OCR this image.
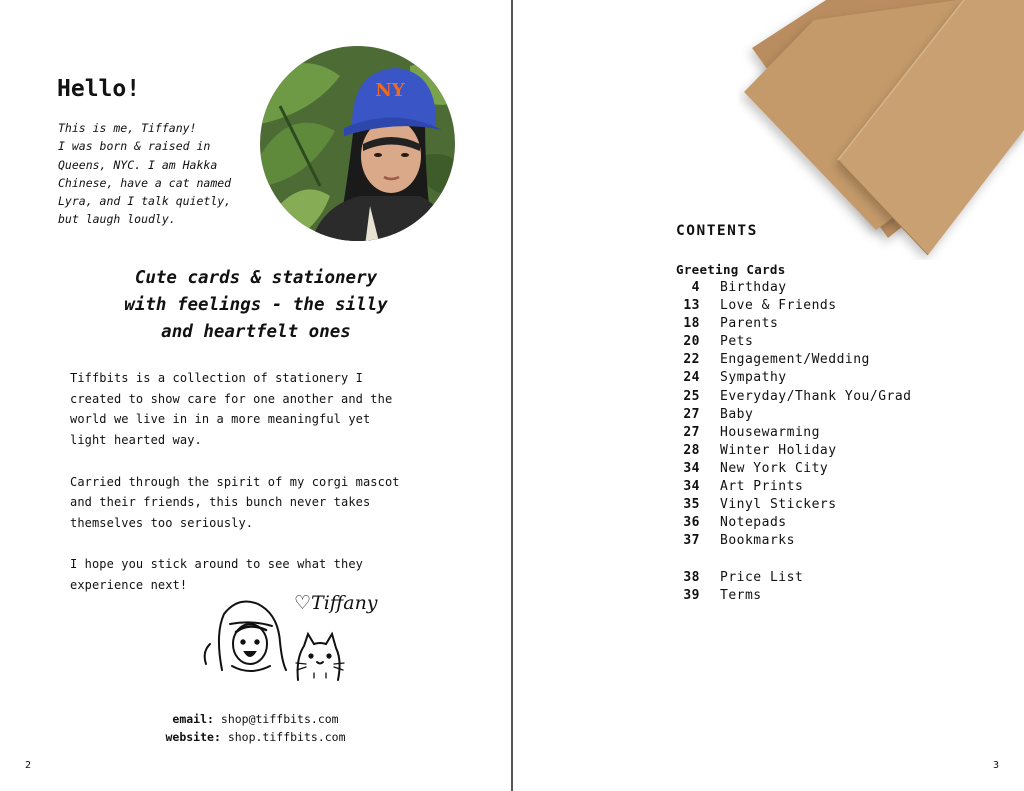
Hello!
This is me, Tiffany!
I was born & raised in
Queens, NYC. I am Hakka
Chinese, have a cat named
Lyra, and I talk quietly,
but laugh loudly.
NY
Cute cards & stationery
with feelings - the silly
and heartfelt ones

Tiffbits is a collection of stationery I
created to show care for one another and the
world we live in in a more meaningful yet
light hearted way.

Carried through the spirit of my corgi mascot
and their friends, this bunch never takes
themselves too seriously.

I hope you stick around to see what they
experience next!

♡Tiffany
email: shop@tiffbits.com
website: shop.tiffbits.com
2
CONTENTS
Greeting Cards
4 Birthday
13 Love & Friends
18 Parents
20 Pets
22 Engagement/Wedding
24 Sympathy
25 Everyday/Thank You/Grad
27 Baby
27 Housewarming
28 Winter Holiday
34 New York City
34 Art Prints
35 Vinyl Stickers
36 Notepads
37 Bookmarks
38 Price List
39 Terms
3
